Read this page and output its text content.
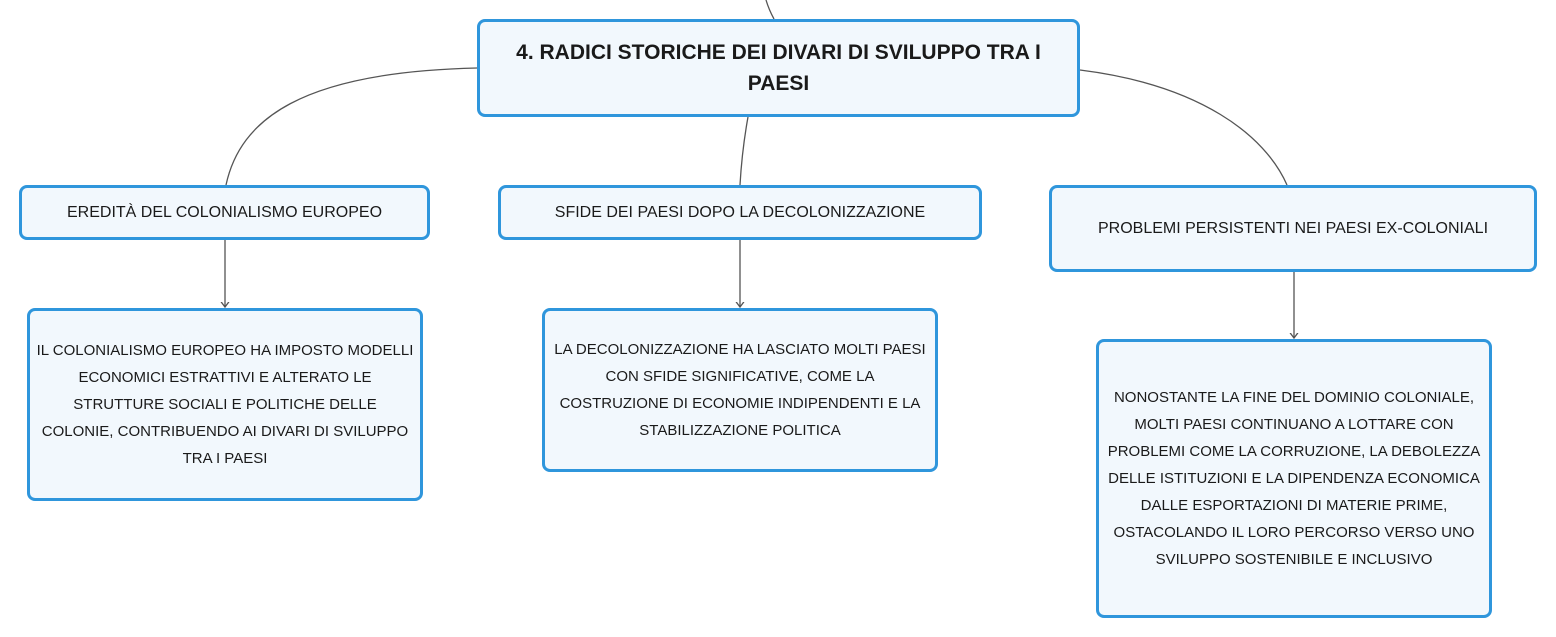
4. RADICI STORICHE DEI DIVARI DI SVILUPPO TRA I PAESI
EREDITÀ DEL COLONIALISMO EUROPEO	SFIDE DEI PAESI DOPO LA DECOLONIZZAZIONE
PROBLEMI PERSISTENTI NEI PAESI EX-COLONIALI
IL COLONIALISMO EUROPEO HA IMPOSTO MODELLI ECONOMICI ESTRATTIVI E ALTERATO LE STRUTTURE SOCIALI E POLITICHE DELLE COLONIE, CONTRIBUENDO AI DIVARI DI SVILUPPO TRA I PAESI
LA DECOLONIZZAZIONE HA LASCIATO MOLTI PAESI CON SFIDE SIGNIFICATIVE, COME LA COSTRUZIONE DI ECONOMIE INDIPENDENTI E LA STABILIZZAZIONE POLITICA
NONOSTANTE LA FINE DEL DOMINIO COLONIALE, MOLTI PAESI CONTINUANO A LOTTARE CON PROBLEMI COME LA CORRUZIONE, LA DEBOLEZZA DELLE ISTITUZIONI E LA DIPENDENZA ECONOMICA DALLE ESPORTAZIONI DI MATERIE PRIME, OSTACOLANDO IL LORO PERCORSO VERSO UNO SVILUPPO SOSTENIBILE E INCLUSIVO
